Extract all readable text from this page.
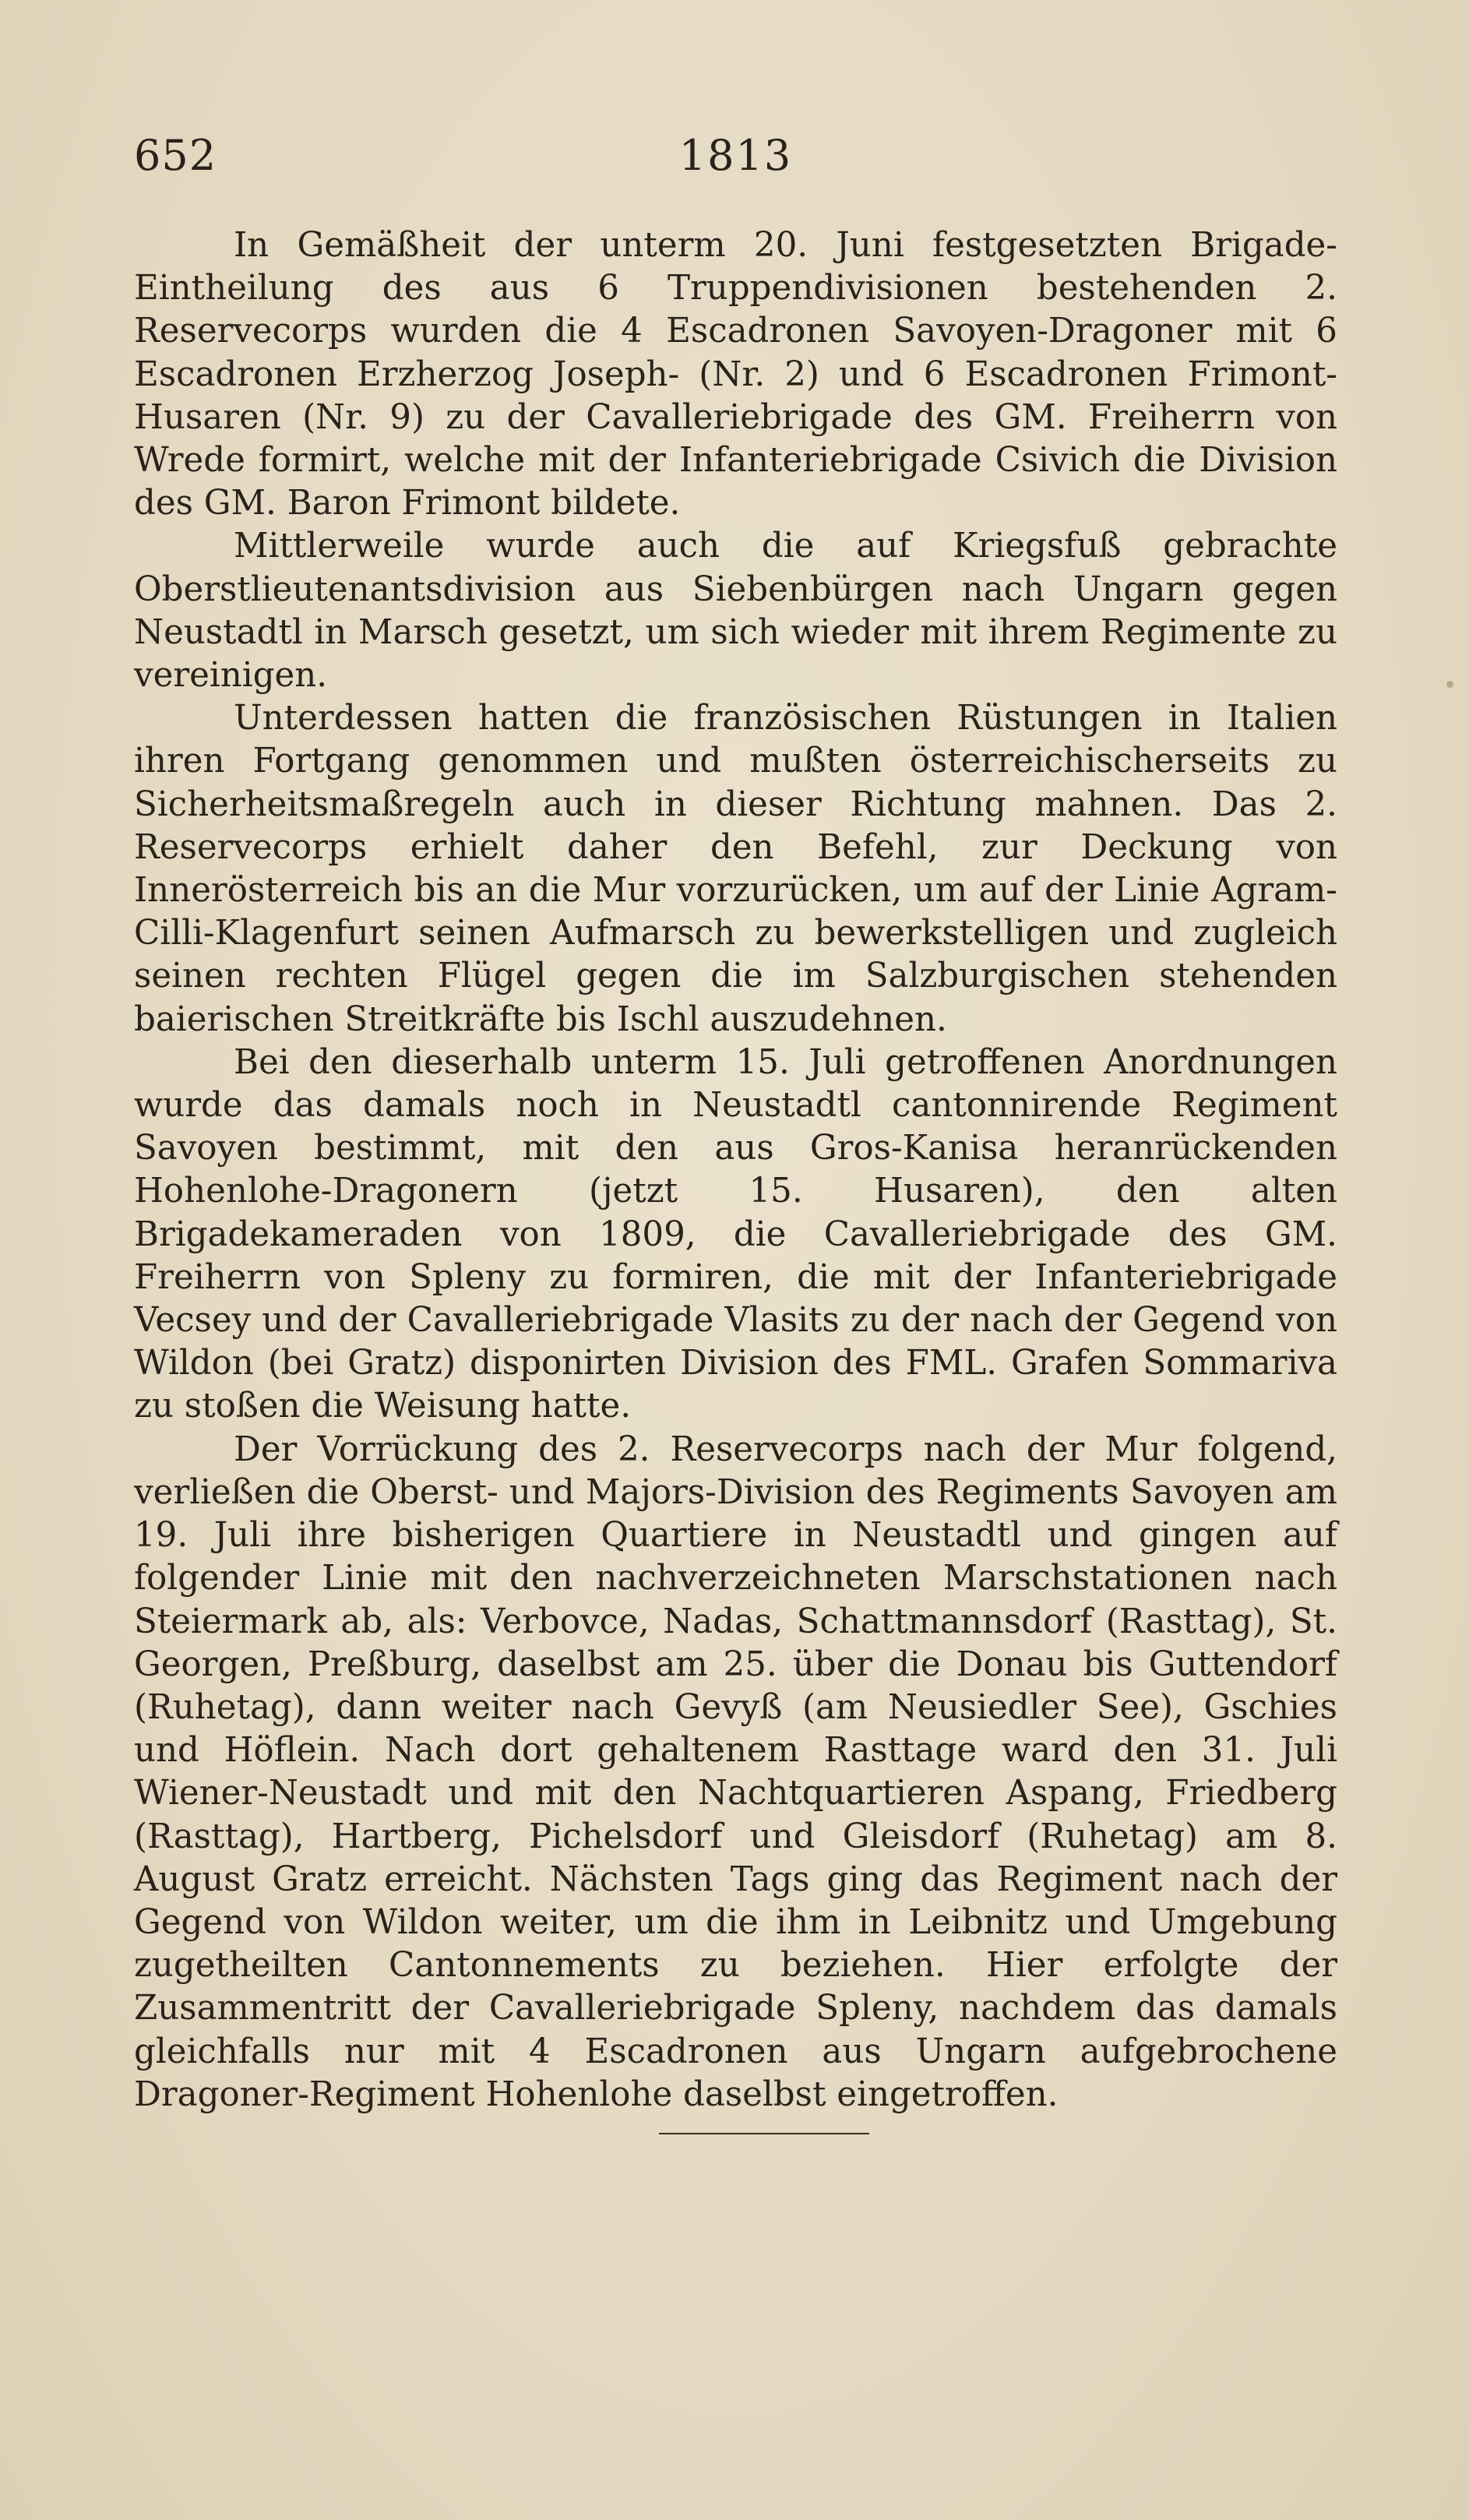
652	1813

In Gemäßheit der unterm 20. Juni festgesetzten Brigade-Eintheilung des aus 6 Truppendivisionen bestehenden 2. Reservecorps wurden die 4 Escadronen Savoyen-Dragoner mit 6 Escadronen Erzherzog Joseph- (Nr. 2) und 6 Escadronen Frimont-Husaren (Nr. 9) zu der Cavalleriebrigade des GM. Freiherrn von Wrede formirt, welche mit der Infanteriebrigade Csivich die Division des GM. Baron Frimont bildete.

Mittlerweile wurde auch die auf Kriegsfuß gebrachte Oberstlieutenantsdivision aus Siebenbürgen nach Ungarn gegen Neustadtl in Marsch gesetzt, um sich wieder mit ihrem Regimente zu vereinigen.

Unterdessen hatten die französischen Rüstungen in Italien ihren Fortgang genommen und mußten österreichischerseits zu Sicherheitsmaßregeln auch in dieser Richtung mahnen. Das 2. Reservecorps erhielt daher den Befehl, zur Deckung von Innerösterreich bis an die Mur vorzurücken, um auf der Linie Agram-Cilli-Klagenfurt seinen Aufmarsch zu bewerkstelligen und zugleich seinen rechten Flügel gegen die im Salzburgischen stehenden baierischen Streitkräfte bis Ischl auszudehnen.

Bei den dieserhalb unterm 15. Juli getroffenen Anordnungen wurde das damals noch in Neustadtl cantonnirende Regiment Savoyen bestimmt, mit den aus Gros-Kanisa heranrückenden Hohenlohe-Dragonern (jetzt 15. Husaren), den alten Brigadekameraden von 1809, die Cavalleriebrigade des GM. Freiherrn von Spleny zu formiren, die mit der Infanteriebrigade Vecsey und der Cavalleriebrigade Vlasits zu der nach der Gegend von Wildon (bei Gratz) disponirten Division des FML. Grafen Sommariva zu stoßen die Weisung hatte.

Der Vorrückung des 2. Reservecorps nach der Mur folgend, verließen die Oberst- und Majors-Division des Regiments Savoyen am 19. Juli ihre bisherigen Quartiere in Neustadtl und gingen auf folgender Linie mit den nachverzeichneten Marschstationen nach Steiermark ab, als: Verbovce, Nadas, Schattmannsdorf (Rasttag), St. Georgen, Preßburg, daselbst am 25. über die Donau bis Guttendorf (Ruhetag), dann weiter nach Gevyß (am Neusiedler See), Gschies und Höflein. Nach dort gehaltenem Rasttage ward den 31. Juli Wiener-Neustadt und mit den Nachtquartieren Aspang, Friedberg (Rasttag), Hartberg, Pichelsdorf und Gleisdorf (Ruhetag) am 8. August Gratz erreicht. Nächsten Tags ging das Regiment nach der Gegend von Wildon weiter, um die ihm in Leibnitz und Umgebung zugetheilten Cantonnements zu beziehen. Hier erfolgte der Zusammentritt der Cavalleriebrigade Spleny, nachdem das damals gleichfalls nur mit 4 Escadronen aus Ungarn aufgebrochene Dragoner-Regiment Hohenlohe daselbst eingetroffen.
